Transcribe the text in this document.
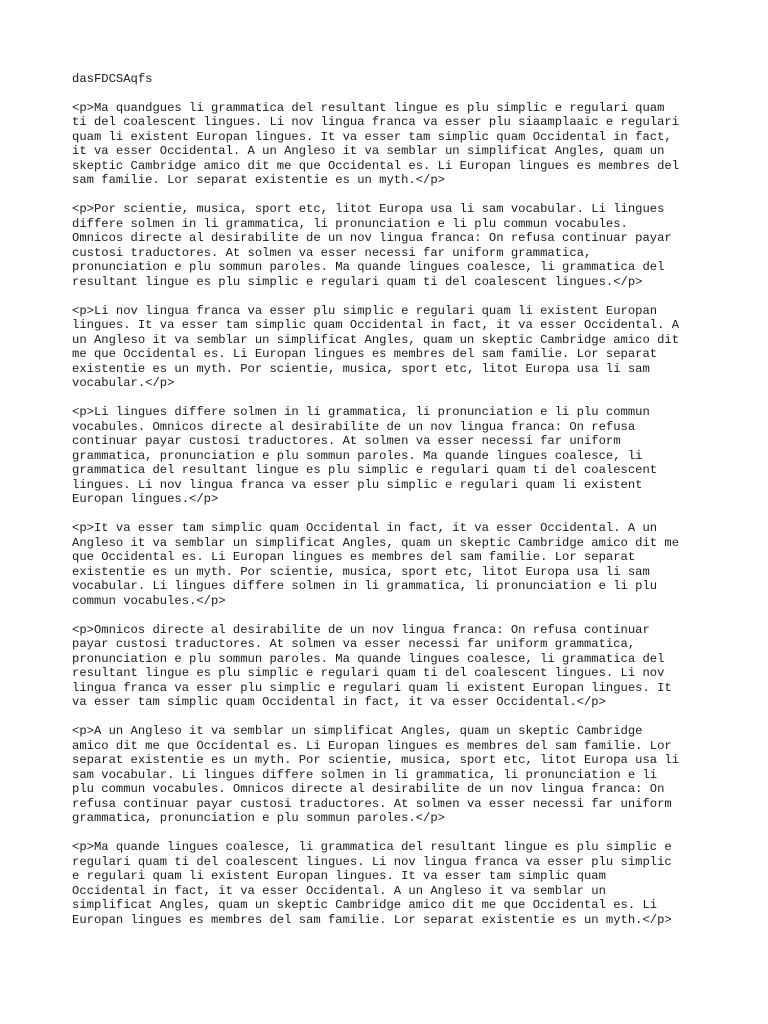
dasFDCSAqfs
<p>Ma quandgues li grammatica del resultant lingue es plu simplic e regulari quam
ti del coalescent lingues. Li nov lingua franca va esser plu siaamplaaic e regulari
quam li existent Europan lingues. It va esser tam simplic quam Occidental in fact,
it va esser Occidental. A un Angleso it va semblar un simplificat Angles, quam un
skeptic Cambridge amico dit me que Occidental es. Li Europan lingues es membres del
sam familie. Lor separat existentie es un myth.</p>
<p>Por scientie, musica, sport etc, litot Europa usa li sam vocabular. Li lingues
differe solmen in li grammatica, li pronunciation e li plu commun vocabules.
Omnicos directe al desirabilite de un nov lingua franca: On refusa continuar payar
custosi traductores. At solmen va esser necessi far uniform grammatica,
pronunciation e plu sommun paroles. Ma quande lingues coalesce, li grammatica del
resultant lingue es plu simplic e regulari quam ti del coalescent lingues.</p>
<p>Li nov lingua franca va esser plu simplic e regulari quam li existent Europan
lingues. It va esser tam simplic quam Occidental in fact, it va esser Occidental. A
un Angleso it va semblar un simplificat Angles, quam un skeptic Cambridge amico dit
me que Occidental es. Li Europan lingues es membres del sam familie. Lor separat
existentie es un myth. Por scientie, musica, sport etc, litot Europa usa li sam
vocabular.</p>
<p>Li lingues differe solmen in li grammatica, li pronunciation e li plu commun
vocabules. Omnicos directe al desirabilite de un nov lingua franca: On refusa
continuar payar custosi traductores. At solmen va esser necessi far uniform
grammatica, pronunciation e plu sommun paroles. Ma quande lingues coalesce, li
grammatica del resultant lingue es plu simplic e regulari quam ti del coalescent
lingues. Li nov lingua franca va esser plu simplic e regulari quam li existent
Europan lingues.</p>
<p>It va esser tam simplic quam Occidental in fact, it va esser Occidental. A un
Angleso it va semblar un simplificat Angles, quam un skeptic Cambridge amico dit me
que Occidental es. Li Europan lingues es membres del sam familie. Lor separat
existentie es un myth. Por scientie, musica, sport etc, litot Europa usa li sam
vocabular. Li lingues differe solmen in li grammatica, li pronunciation e li plu
commun vocabules.</p>
<p>Omnicos directe al desirabilite de un nov lingua franca: On refusa continuar
payar custosi traductores. At solmen va esser necessi far uniform grammatica,
pronunciation e plu sommun paroles. Ma quande lingues coalesce, li grammatica del
resultant lingue es plu simplic e regulari quam ti del coalescent lingues. Li nov
lingua franca va esser plu simplic e regulari quam li existent Europan lingues. It
va esser tam simplic quam Occidental in fact, it va esser Occidental.</p>
<p>A un Angleso it va semblar un simplificat Angles, quam un skeptic Cambridge
amico dit me que Occidental es. Li Europan lingues es membres del sam familie. Lor
separat existentie es un myth. Por scientie, musica, sport etc, litot Europa usa li
sam vocabular. Li lingues differe solmen in li grammatica, li pronunciation e li
plu commun vocabules. Omnicos directe al desirabilite de un nov lingua franca: On
refusa continuar payar custosi traductores. At solmen va esser necessi far uniform
grammatica, pronunciation e plu sommun paroles.</p>
<p>Ma quande lingues coalesce, li grammatica del resultant lingue es plu simplic e
regulari quam ti del coalescent lingues. Li nov lingua franca va esser plu simplic
e regulari quam li existent Europan lingues. It va esser tam simplic quam
Occidental in fact, it va esser Occidental. A un Angleso it va semblar un
simplificat Angles, quam un skeptic Cambridge amico dit me que Occidental es. Li
Europan lingues es membres del sam familie. Lor separat existentie es un myth.</p>
